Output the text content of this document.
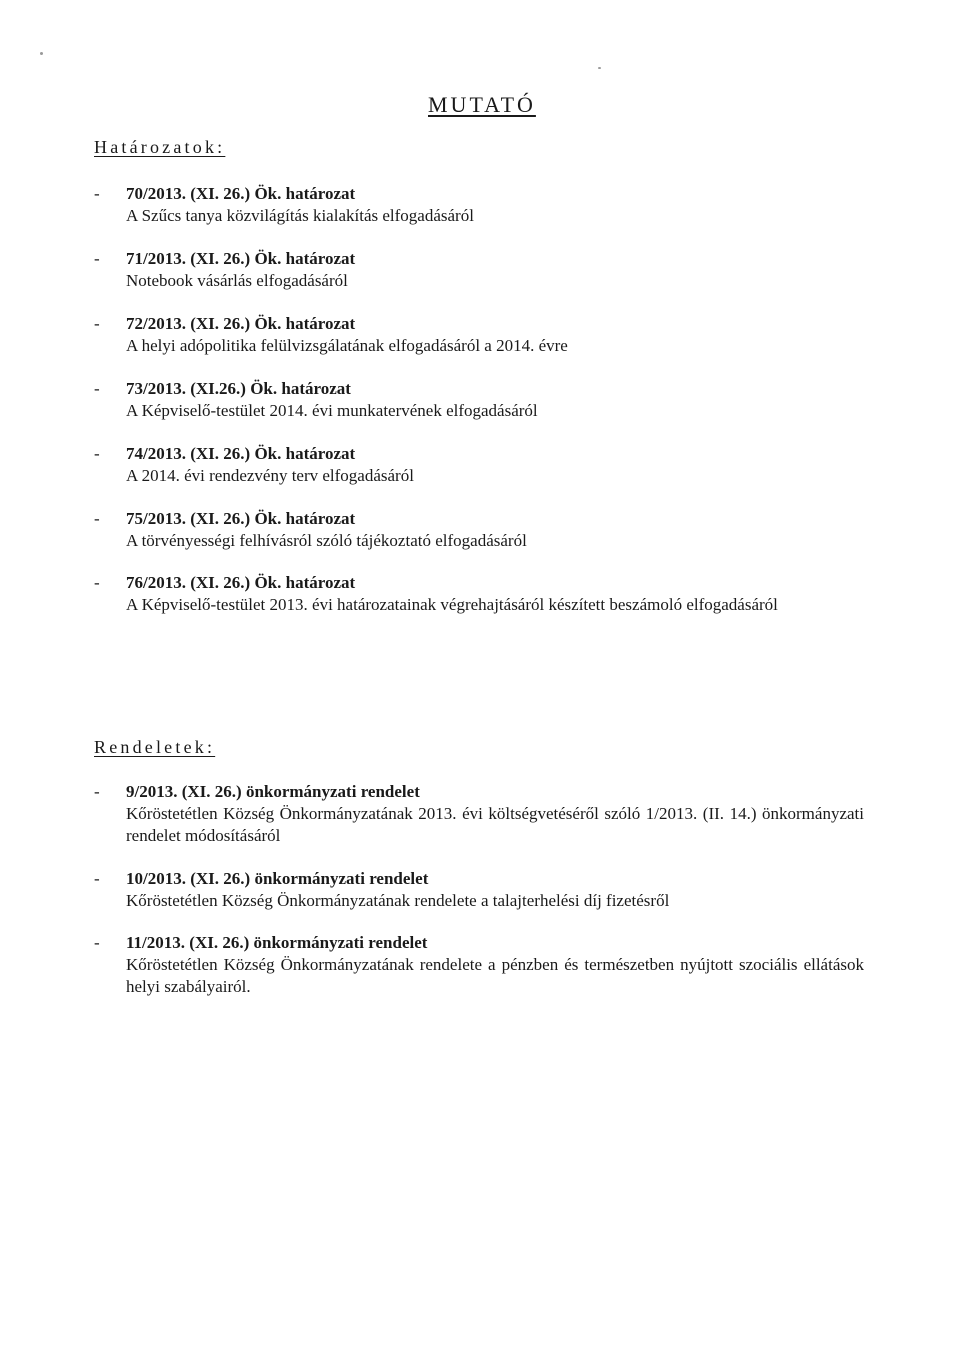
MUTATÓ
Határozatok:
- 70/2013. (XI. 26.) Ök. határozat
A Szűcs tanya közvilágítás kialakítás elfogadásáról
- 71/2013. (XI. 26.) Ök. határozat
Notebook vásárlás elfogadásáról
- 72/2013. (XI. 26.) Ök. határozat
A helyi adópolitika felülvizsgálatának elfogadásáról a 2014. évre
- 73/2013. (XI.26.) Ök. határozat
A Képviselő-testület 2014. évi munkatervének elfogadásáról
- 74/2013. (XI. 26.) Ök. határozat
A 2014. évi rendezvény terv elfogadásáról
- 75/2013. (XI. 26.) Ök. határozat
A törvényességi felhívásról szóló tájékoztató elfogadásáról
- 76/2013. (XI. 26.) Ök. határozat
A Képviselő-testület 2013. évi határozatainak végrehajtásáról készített beszámoló elfogadásáról
Rendeletek:
- 9/2013. (XI. 26.) önkormányzati rendelet
Kőröstetétlen Község Önkormányzatának 2013. évi költségvetéséről szóló 1/2013. (II. 14.) önkormányzati rendelet módosításáról
- 10/2013. (XI. 26.) önkormányzati rendelet
Kőröstetétlen Község Önkormányzatának rendelete a talajterhelési díj fizetésről
- 11/2013. (XI. 26.) önkormányzati rendelet
Kőröstetétlen Község Önkormányzatának rendelete a pénzben és természetben nyújtott szociális ellátások helyi szabályairól.
